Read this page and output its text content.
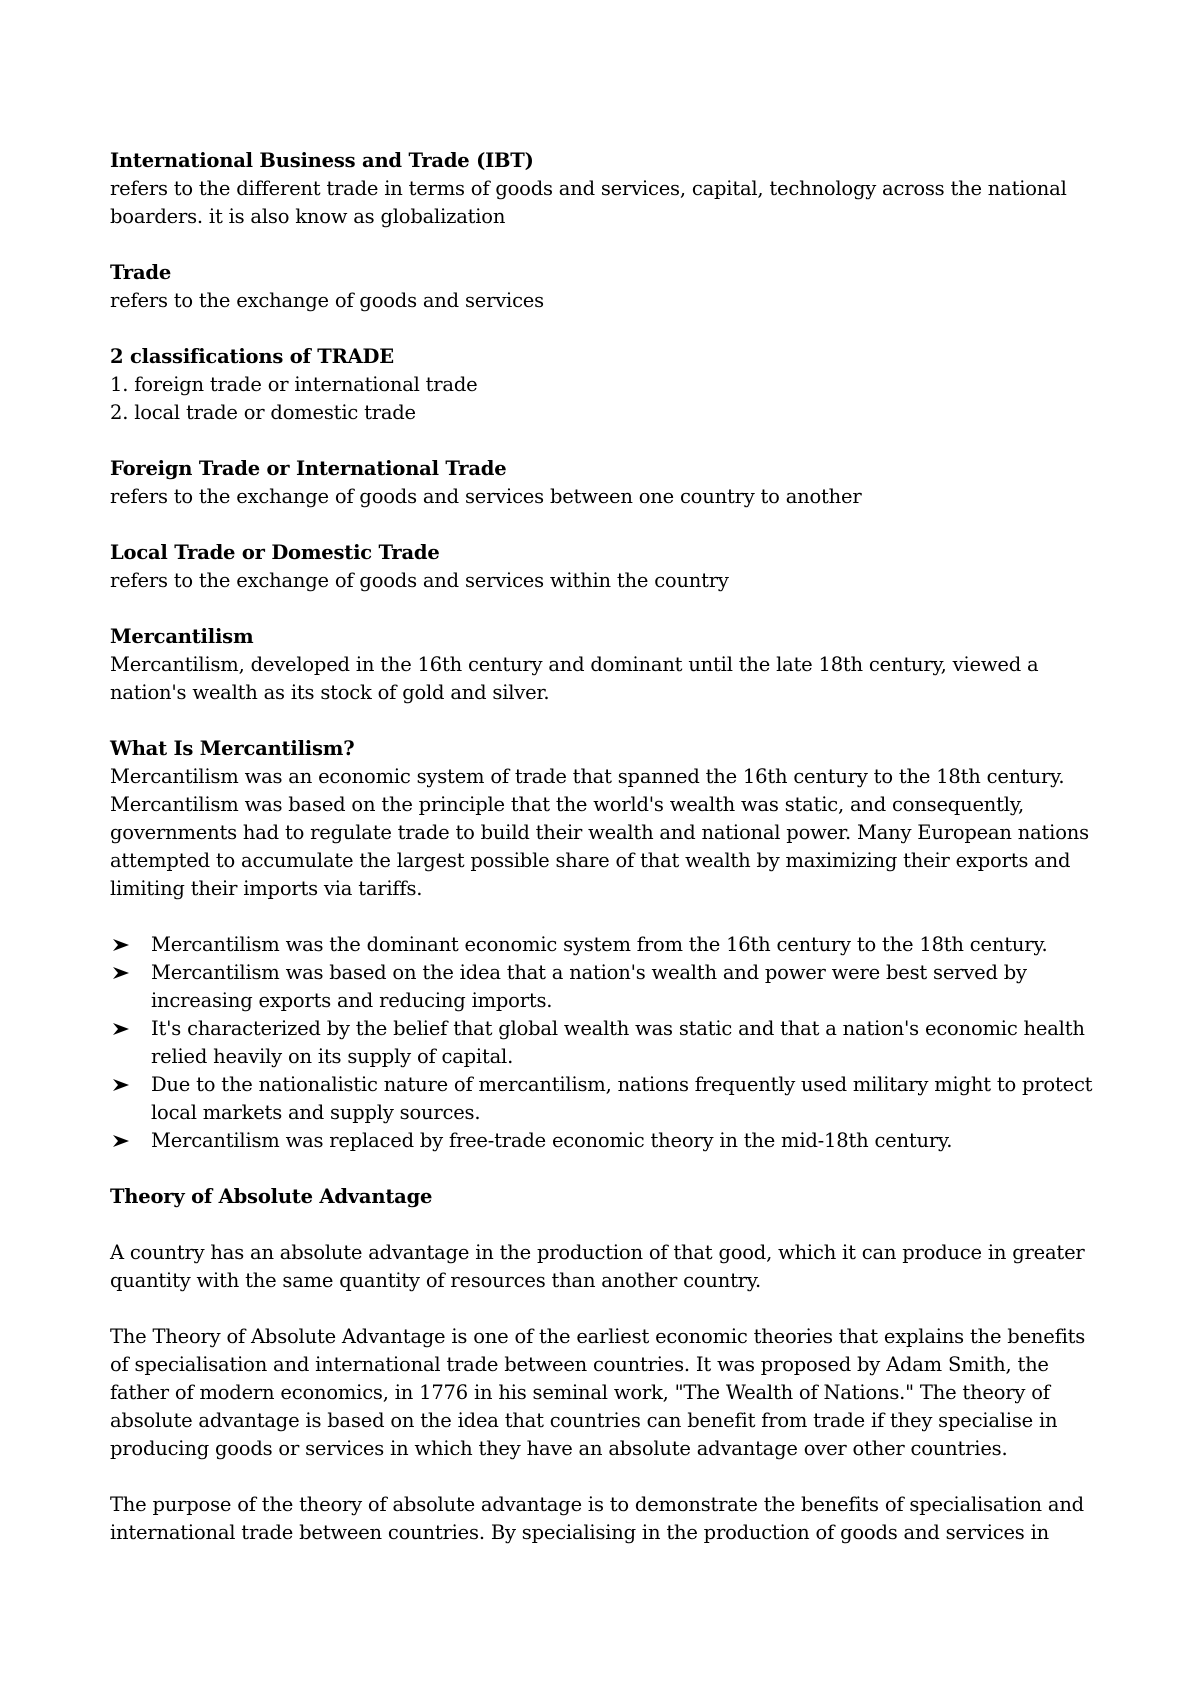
International Business and Trade (IBT)

refers to the different trade in terms of goods and services, capital, technology across the national boarders. it is also know as globalization

Trade

refers to the exchange of goods and services

2 classifications of TRADE

1. foreign trade or international trade
2. local trade or domestic trade

Foreign Trade or International Trade

refers to the exchange of goods and services between one country to another

Local Trade or Domestic Trade

refers to the exchange of goods and services within the country

Mercantilism

Mercantilism, developed in the 16th century and dominant until the late 18th century, viewed a nation's wealth as its stock of gold and silver.

What Is Mercantilism?

Mercantilism was an economic system of trade that spanned the 16th century to the 18th century. Mercantilism was based on the principle that the world's wealth was static, and consequently, governments had to regulate trade to build their wealth and national power. Many European nations attempted to accumulate the largest possible share of that wealth by maximizing their exports and limiting their imports via tariffs.

Mercantilism was the dominant economic system from the 16th century to the 18th century.
Mercantilism was based on the idea that a nation's wealth and power were best served by increasing exports and reducing imports.
It's characterized by the belief that global wealth was static and that a nation's economic health relied heavily on its supply of capital.
Due to the nationalistic nature of mercantilism, nations frequently used military might to protect local markets and supply sources.
Mercantilism was replaced by free-trade economic theory in the mid-18th century.

Theory of Absolute Advantage

A country has an absolute advantage in the production of that good, which it can produce in greater quantity with the same quantity of resources than another country.

The Theory of Absolute Advantage is one of the earliest economic theories that explains the benefits of specialisation and international trade between countries. It was proposed by Adam Smith, the father of modern economics, in 1776 in his seminal work, "The Wealth of Nations." The theory of absolute advantage is based on the idea that countries can benefit from trade if they specialise in producing goods or services in which they have an absolute advantage over other countries.

The purpose of the theory of absolute advantage is to demonstrate the benefits of specialisation and international trade between countries. By specialising in the production of goods and services in
